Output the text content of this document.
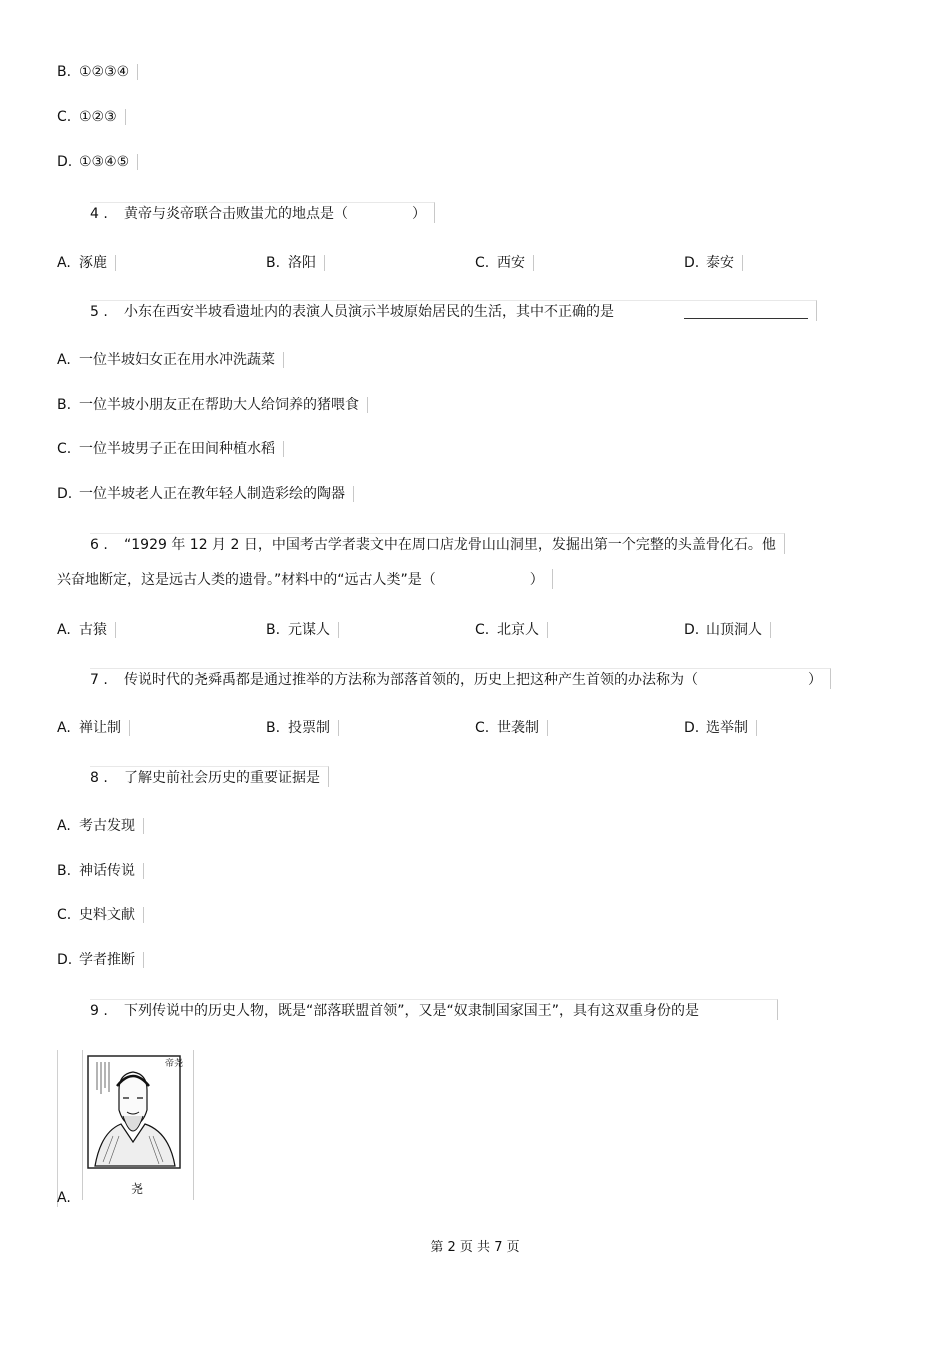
B. ①②③④
C. ①②③
D. ①③④⑤
4 . 黄帝与炎帝联合击败蚩尤的地点是（	）
A. 涿鹿	B. 洛阳	C. 西安	D. 泰安
5 . 小东在西安半坡看遗址内的表演人员演示半坡原始居民的生活，其中不正确的是
A. 一位半坡妇女正在用水冲洗蔬菜
B. 一位半坡小朋友正在帮助大人给饲养的猪喂食
C. 一位半坡男子正在田间种植水稻
D. 一位半坡老人正在教年轻人制造彩绘的陶器
6 . “1929 年 12 月 2 日，中国考古学者裴文中在周口店龙骨山山洞里，发掘出第一个完整的头盖骨化石。他
兴奋地断定，这是远古人类的遗骨。”材料中的“远古人类”是（	）
A. 古猿	B. 元谋人	C. 北京人	D. 山顶洞人
7 . 传说时代的尧舜禹都是通过推举的方法称为部落首领的，历史上把这种产生首领的办法称为（	）
A. 禅让制	B. 投票制	C. 世袭制	D. 选举制
8 . 了解史前社会历史的重要证据是
A. 考古发现
B. 神话传说
C. 史料文献
D. 学者推断
9 . 下列传说中的历史人物，既是“部落联盟首领”，又是“奴隶制国家国王”，具有这双重身份的是
A.
帝尧
尧
第 2 页 共 7 页
